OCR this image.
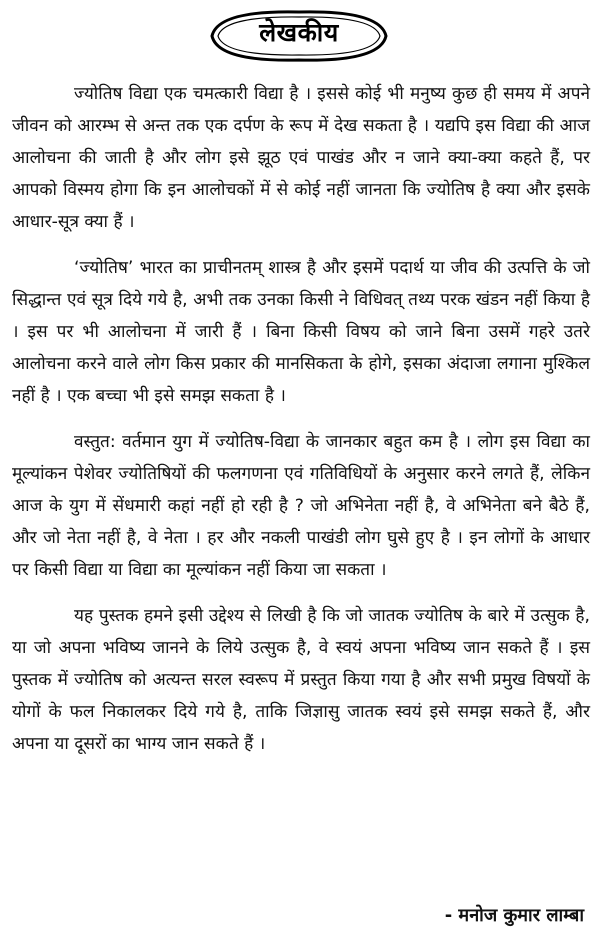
लेखकीय

ज्योतिष विद्या एक चमत्कारी विद्या है । इससे कोई भी मनुष्य कुछ ही समय में अपने जीवन को आरम्भ से अन्त तक एक दर्पण के रूप में देख सकता है । यद्यपि इस विद्या की आज आलोचना की जाती है और लोग इसे झूठ एवं पाखंड और न जाने क्या-क्या कहते हैं, पर आपको विस्मय होगा कि इन आलोचकों में से कोई नहीं जानता कि ज्योतिष है क्या और इसके आधार-सूत्र क्या हैं ।

‘ज्योतिष’ भारत का प्राचीनतम् शास्त्र है और इसमें पदार्थ या जीव की उत्पत्ति के जो सिद्धान्त एवं सूत्र दिये गये है, अभी तक उनका किसी ने विधिवत् तथ्य परक खंडन नहीं किया है । इस पर भी आलोचना में जारी हैं । बिना किसी विषय को जाने बिना उसमें गहरे उतरे आलोचना करने वाले लोग किस प्रकार की मानसिकता के होगे, इसका अंदाजा लगाना मुश्किल नहीं है । एक बच्चा भी इसे समझ सकता है ।

वस्तुत: वर्तमान युग में ज्योतिष-विद्या के जानकार बहुत कम है । लोग इस विद्या का मूल्यांकन पेशेवर ज्योतिषियों की फलगणना एवं गतिविधियों के अनुसार करने लगते हैं, लेकिन आज के युग में सेंधमारी कहां नहीं हो रही है ? जो अभिनेता नहीं है, वे अभिनेता बने बैठे हैं, और जो नेता नहीं है, वे नेता । हर और नकली पाखंडी लोग घुसे हुए है । इन लोगों के आधार पर किसी विद्या या विद्या का मूल्यांकन नहीं किया जा सकता ।

यह पुस्तक हमने इसी उद्देश्य से लिखी है कि जो जातक ज्योतिष के बारे में उत्सुक है, या जो अपना भविष्य जानने के लिये उत्सुक है, वे स्वयं अपना भविष्य जान सकते हैं । इस पुस्तक में ज्योतिष को अत्यन्त सरल स्वरूप में प्रस्तुत किया गया है और सभी प्रमुख विषयों के योगों के फल निकालकर दिये गये है, ताकि जिज्ञासु जातक स्वयं इसे समझ सकते हैं, और अपना या दूसरों का भाग्य जान सकते हैं ।

- मनोज कुमार लाम्बा
